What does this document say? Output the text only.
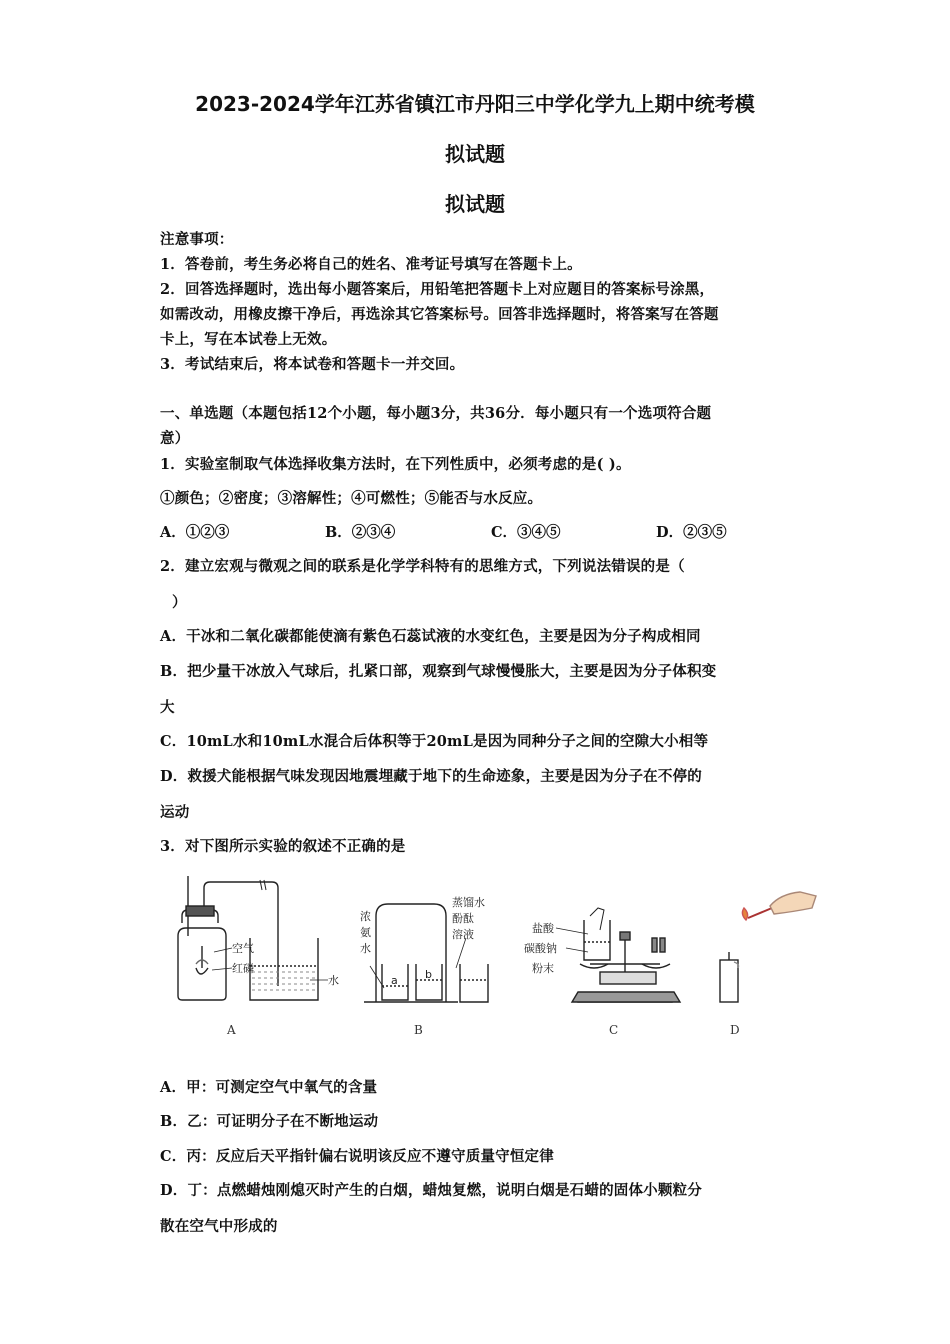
2023-2024学年江苏省镇江市丹阳三中学化学九上期中统考模
拟试题
拟试题
注意事项：
1．答卷前，考生务必将自己的姓名、准考证号填写在答题卡上。
2．回答选择题时，选出每小题答案后，用铅笔把答题卡上对应题目的答案标号涂黑，
如需改动，用橡皮擦干净后，再选涂其它答案标号。回答非选择题时，将答案写在答题
卡上，写在本试卷上无效。
3．考试结束后，将本试卷和答题卡一并交回。
一、单选题（本题包括12个小题，每小题3分，共36分．每小题只有一个选项符合题
意）
1．实验室制取气体选择收集方法时，在下列性质中，必须考虑的是( )。
①颜色；②密度；③溶解性；④可燃性；⑤能否与水反应。
A．①②③	B．②③④	C．③④⑤	D．②③⑤
2．建立宏观与微观之间的联系是化学学科特有的思维方式，下列说法错误的是（
）
A．干冰和二氧化碳都能使滴有紫色石蕊试液的水变红色，主要是因为分子构成相同
B．把少量干冰放入气球后，扎紧口部，观察到气球慢慢胀大，主要是因为分子体积变
大
C．10mL水和10mL水混合后体积等于20mL是因为同种分子之间的空隙大小相等
D．救援犬能根据气味发现因地震埋藏于地下的生命迹象，主要是因为分子在不停的
运动
3．对下图所示实验的叙述不正确的是
空气
红磷
水
浓
氨
水
蒸馏水
酚酞
溶液
a b
盐酸
碳酸钠
粉末
A	B	C	D
A．甲：可测定空气中氧气的含量
B．乙：可证明分子在不断地运动
C．丙：反应后天平指针偏右说明该反应不遵守质量守恒定律
D．丁：点燃蜡烛刚熄灭时产生的白烟，蜡烛复燃，说明白烟是石蜡的固体小颗粒分
散在空气中形成的
